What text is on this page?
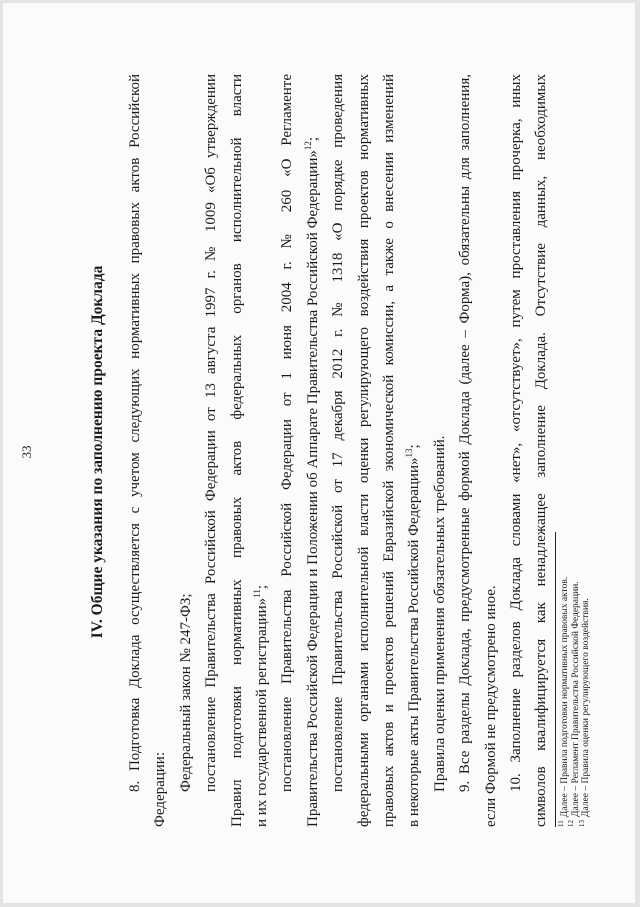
33	IV. Общие указания по заполнению проекта Доклада 8. Подготовка Доклада осуществляется с учетом следующих нормативных правовых актов Российской Федерации: Федеральный закон № 247-ФЗ; постановление Правительства Российской Федерации от 13 августа 1997 г. № 1009 «Об утверждении Правил подготовки нормативных правовых актов федеральных органов исполнительной власти и их государственной регистрации»$^{11}$; постановление Правительства Российской Федерации от 1 июня 2004 г. № 260 «О Регламенте Правительства Российской Федерации и Положении об Аппарате Правительства Российской Федерации»$^{12}$; постановление Правительства Российской от 17 декабря 2012 г. № 1318 «О порядке проведения федеральными органами исполнительной власти оценки регулирующего воздействия проектов нормативных правовых актов и проектов решений Евразийской экономической комиссии, а также о внесении изменений в некоторые акты Правительства Российской Федерации»$^{13}$; Правила оценки применения обязательных требований. 9. Все разделы Доклада, предусмотренные формой Доклада (далее – Форма), обязательны для заполнения, если Формой не предусмотрено иное. 10. Заполнение разделов Доклада словами «нет», «отсутствует», путем проставления прочерка, иных символов квалифицируется как ненадлежащее заполнение Доклада. Отсутствие данных, необходимых $^{11}$Далее – Правила подготовки нормативных правовых актов.
$^{12}$Далее – Регламент Правительства Российской Федерации.
$^{13}$Далее – Правила оценки регулирующего воздействия.
